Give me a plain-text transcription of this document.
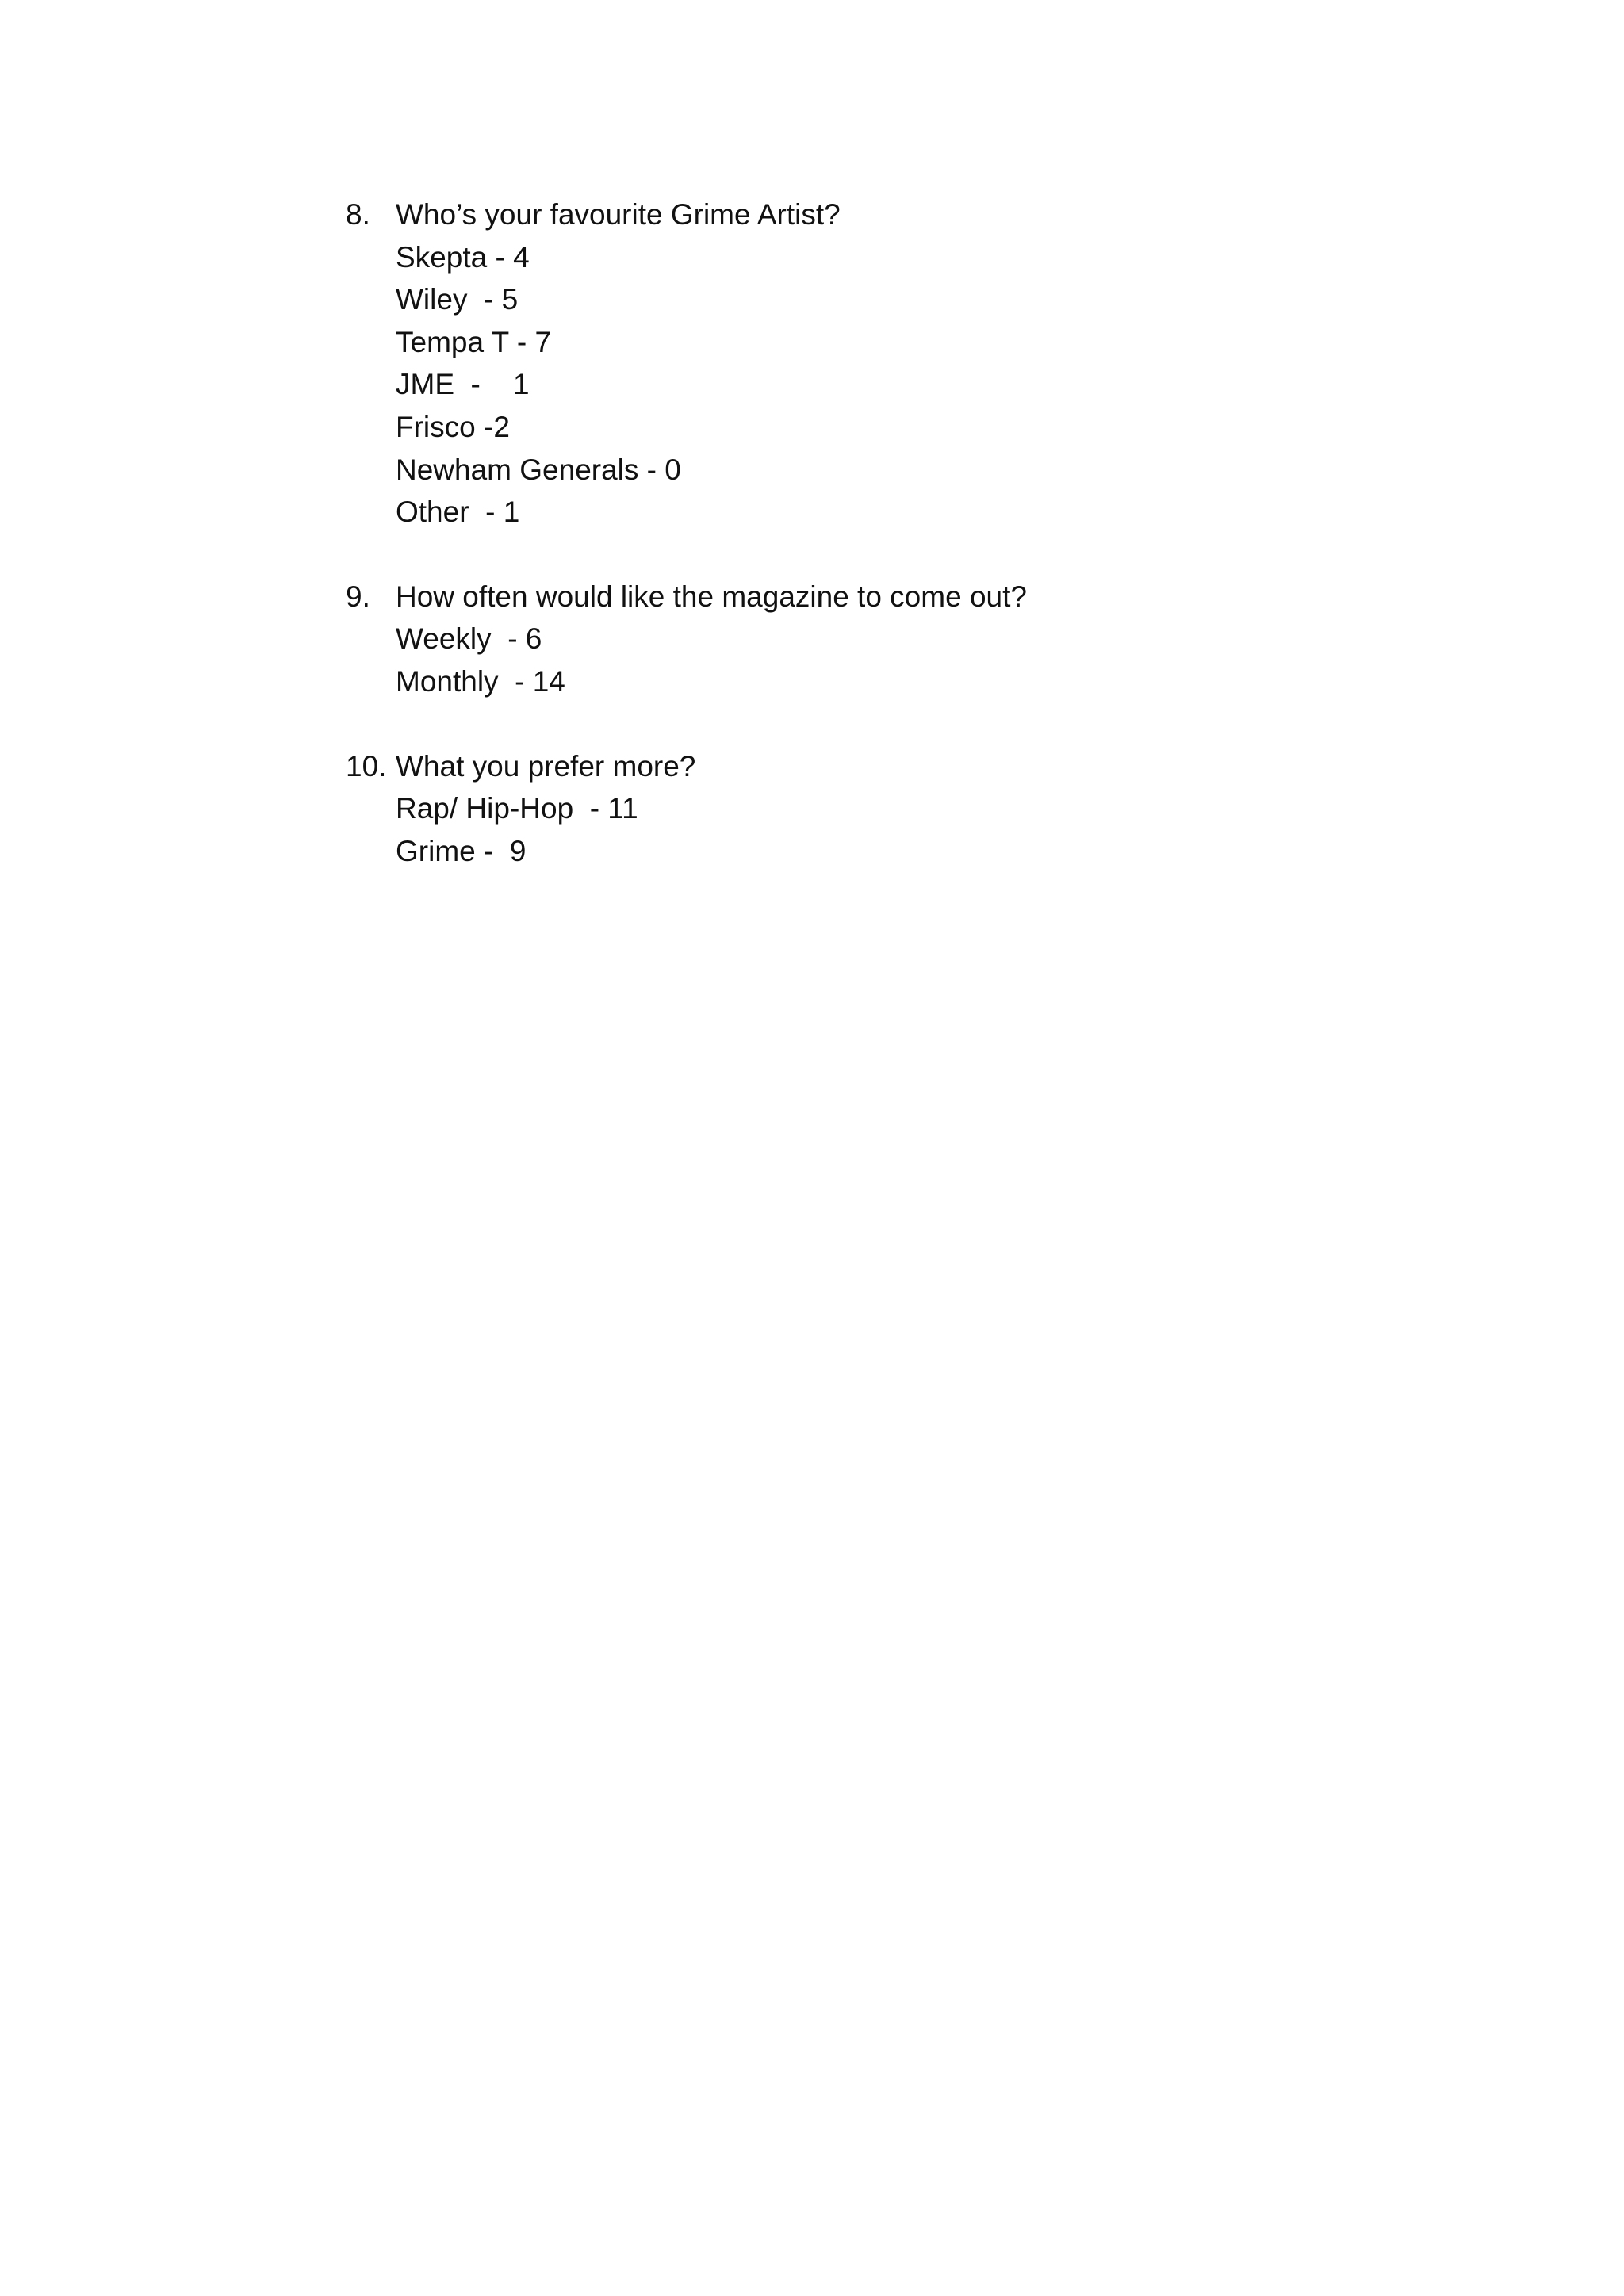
8. Who’s your favourite Grime Artist?
Skepta - 4
Wiley  - 5
Tempa T - 7
JME  -    1
Frisco -2
Newham Generals - 0
Other  - 1
9. How often would like the magazine to come out?
Weekly  - 6
Monthly  - 14
10. What you prefer more?
Rap/ Hip-Hop  - 11
Grime -  9
